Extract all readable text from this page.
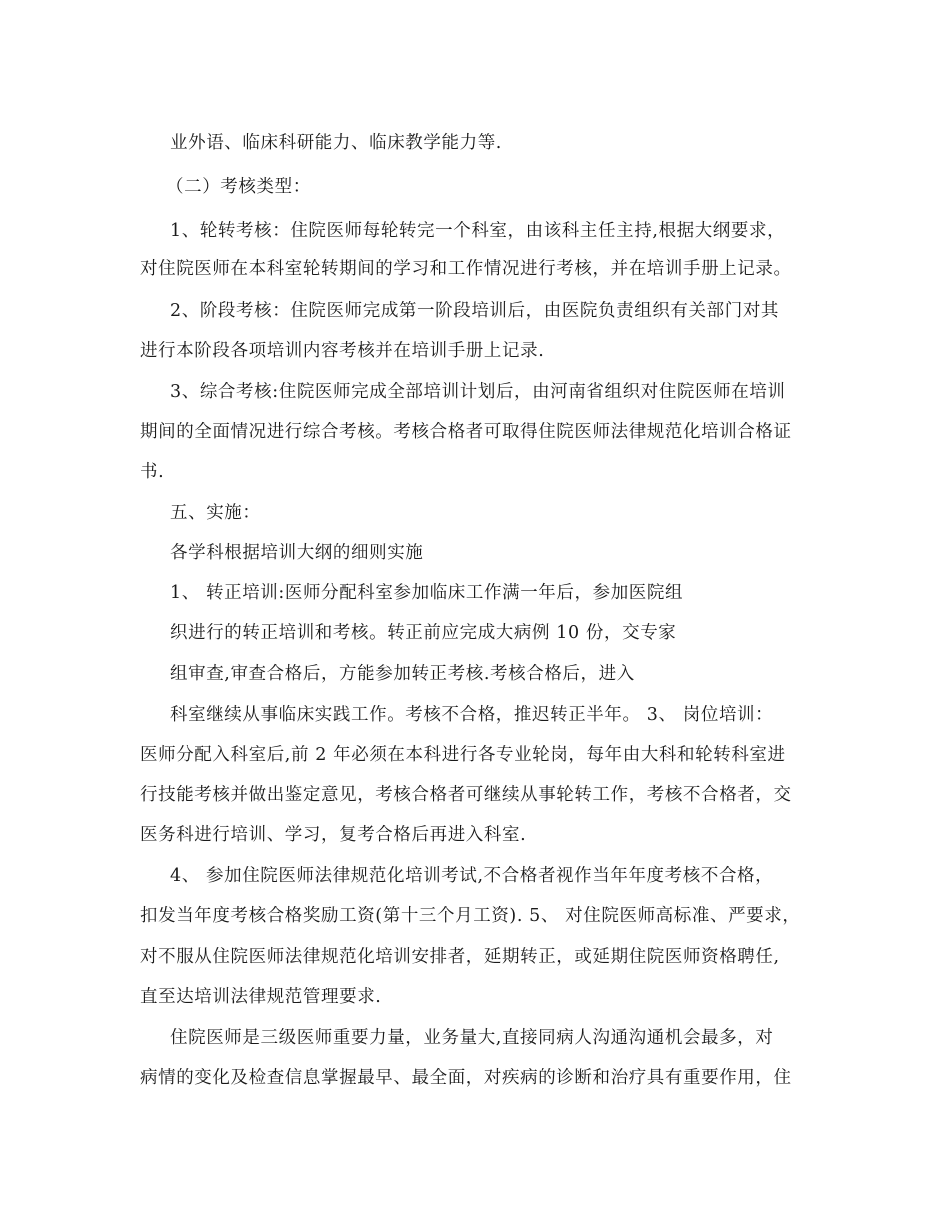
业外语、临床科研能力、临床教学能力等.
（二）考核类型：
1、轮转考核：住院医师每轮转完一个科室，由该科主任主持,根据大纲要求，
对住院医师在本科室轮转期间的学习和工作情况进行考核，并在培训手册上记录。
2、阶段考核：住院医师完成第一阶段培训后，由医院负责组织有关部门对其
进行本阶段各项培训内容考核并在培训手册上记录.
3、综合考核:住院医师完成全部培训计划后，由河南省组织对住院医师在培训
期间的全面情况进行综合考核。考核合格者可取得住院医师法律规范化培训合格证
书.
五、实施：
各学科根据培训大纲的细则实施
1、 转正培训:医师分配科室参加临床工作满一年后，参加医院组
织进行的转正培训和考核。转正前应完成大病例 10 份，交专家
组审查,审查合格后，方能参加转正考核.考核合格后，进入
科室继续从事临床实践工作。考核不合格，推迟转正半年。 3、 岗位培训：
医师分配入科室后,前 2 年必须在本科进行各专业轮岗，每年由大科和轮转科室进
行技能考核并做出鉴定意见，考核合格者可继续从事轮转工作，考核不合格者，交
医务科进行培训、学习，复考合格后再进入科室.
4、 参加住院医师法律规范化培训考试,不合格者视作当年年度考核不合格，
扣发当年度考核合格奖励工资(第十三个月工资). 5、 对住院医师高标准、严要求，
对不服从住院医师法律规范化培训安排者，延期转正，或延期住院医师资格聘任,
直至达培训法律规范管理要求.
住院医师是三级医师重要力量，业务量大,直接同病人沟通沟通机会最多，对
病情的变化及检查信息掌握最早、最全面，对疾病的诊断和治疗具有重要作用，住
